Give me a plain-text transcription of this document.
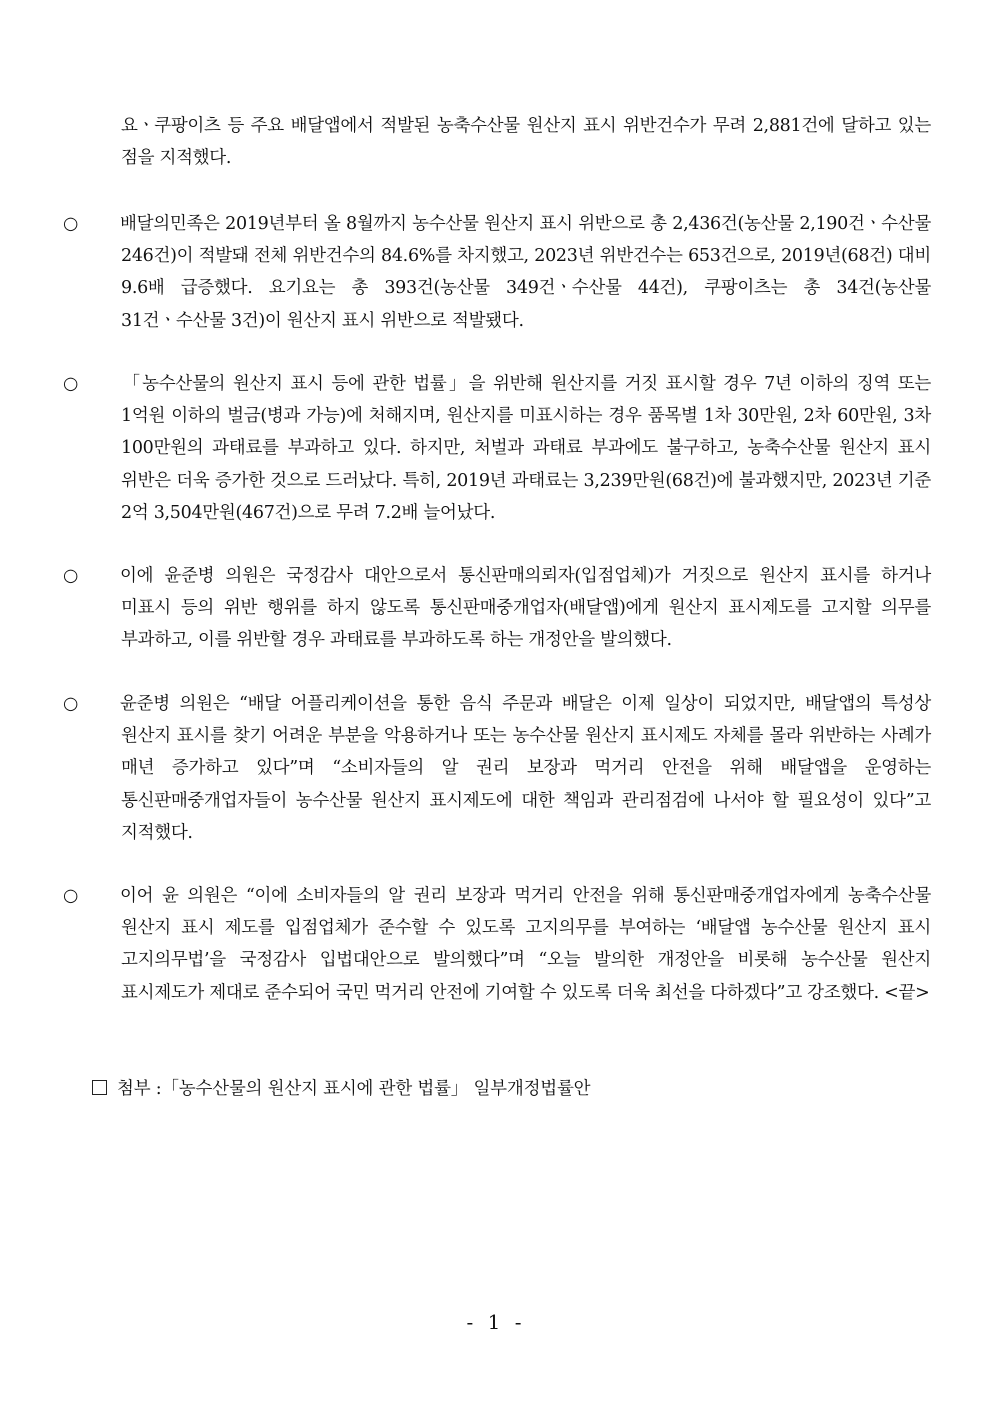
요ㆍ쿠팡이츠 등 주요 배달앱에서 적발된 농축수산물 원산지 표시 위반건수가 무려 2,881건에 달하고 있는 점을 지적했다.
○ 배달의민족은 2019년부터 올 8월까지 농수산물 원산지 표시 위반으로 총 2,436건(농산물 2,190건ㆍ수산물 246건)이 적발돼 전체 위반건수의 84.6%를 차지했고, 2023년 위반건수는 653건으로, 2019년(68건) 대비 9.6배 급증했다. 요기요는 총 393건(농산물 349건ㆍ수산물 44건), 쿠팡이츠는 총 34건(농산물 31건ㆍ수산물 3건)이 원산지 표시 위반으로 적발됐다.
○ 「농수산물의 원산지 표시 등에 관한 법률」을 위반해 원산지를 거짓 표시할 경우 7년 이하의 징역 또는 1억원 이하의 벌금(병과 가능)에 처해지며, 원산지를 미표시하는 경우 품목별 1차 30만원, 2차 60만원, 3차 100만원의 과태료를 부과하고 있다. 하지만, 처벌과 과태료 부과에도 불구하고, 농축수산물 원산지 표시 위반은 더욱 증가한 것으로 드러났다. 특히, 2019년 과태료는 3,239만원(68건)에 불과했지만, 2023년 기준 2억 3,504만원(467건)으로 무려 7.2배 늘어났다.
○ 이에 윤준병 의원은 국정감사 대안으로서 통신판매의뢰자(입점업체)가 거짓으로 원산지 표시를 하거나 미표시 등의 위반 행위를 하지 않도록 통신판매중개업자(배달앱)에게 원산지 표시제도를 고지할 의무를 부과하고, 이를 위반할 경우 과태료를 부과하도록 하는 개정안을 발의했다.
○ 윤준병 의원은 “배달 어플리케이션을 통한 음식 주문과 배달은 이제 일상이 되었지만, 배달앱의 특성상 원산지 표시를 찾기 어려운 부분을 악용하거나 또는 농수산물 원산지 표시제도 자체를 몰라 위반하는 사례가 매년 증가하고 있다”며 “소비자들의 알 권리 보장과 먹거리 안전을 위해 배달앱을 운영하는 통신판매중개업자들이 농수산물 원산지 표시제도에 대한 책임과 관리점검에 나서야 할 필요성이 있다”고 지적했다.
○ 이어 윤 의원은 “이에 소비자들의 알 권리 보장과 먹거리 안전을 위해 통신판매중개업자에게 농축수산물 원산지 표시 제도를 입점업체가 준수할 수 있도록 고지의무를 부여하는 ‘배달앱 농수산물 원산지 표시 고지의무법’을 국정감사 입법대안으로 발의했다”며 “오늘 발의한 개정안을 비롯해 농수산물 원산지 표시제도가 제대로 준수되어 국민 먹거리 안전에 기여할 수 있도록 더욱 최선을 다하겠다”고 강조했다. <끝>
첨부 :「농수산물의 원산지 표시에 관한 법률」 일부개정법률안
- 1 -
